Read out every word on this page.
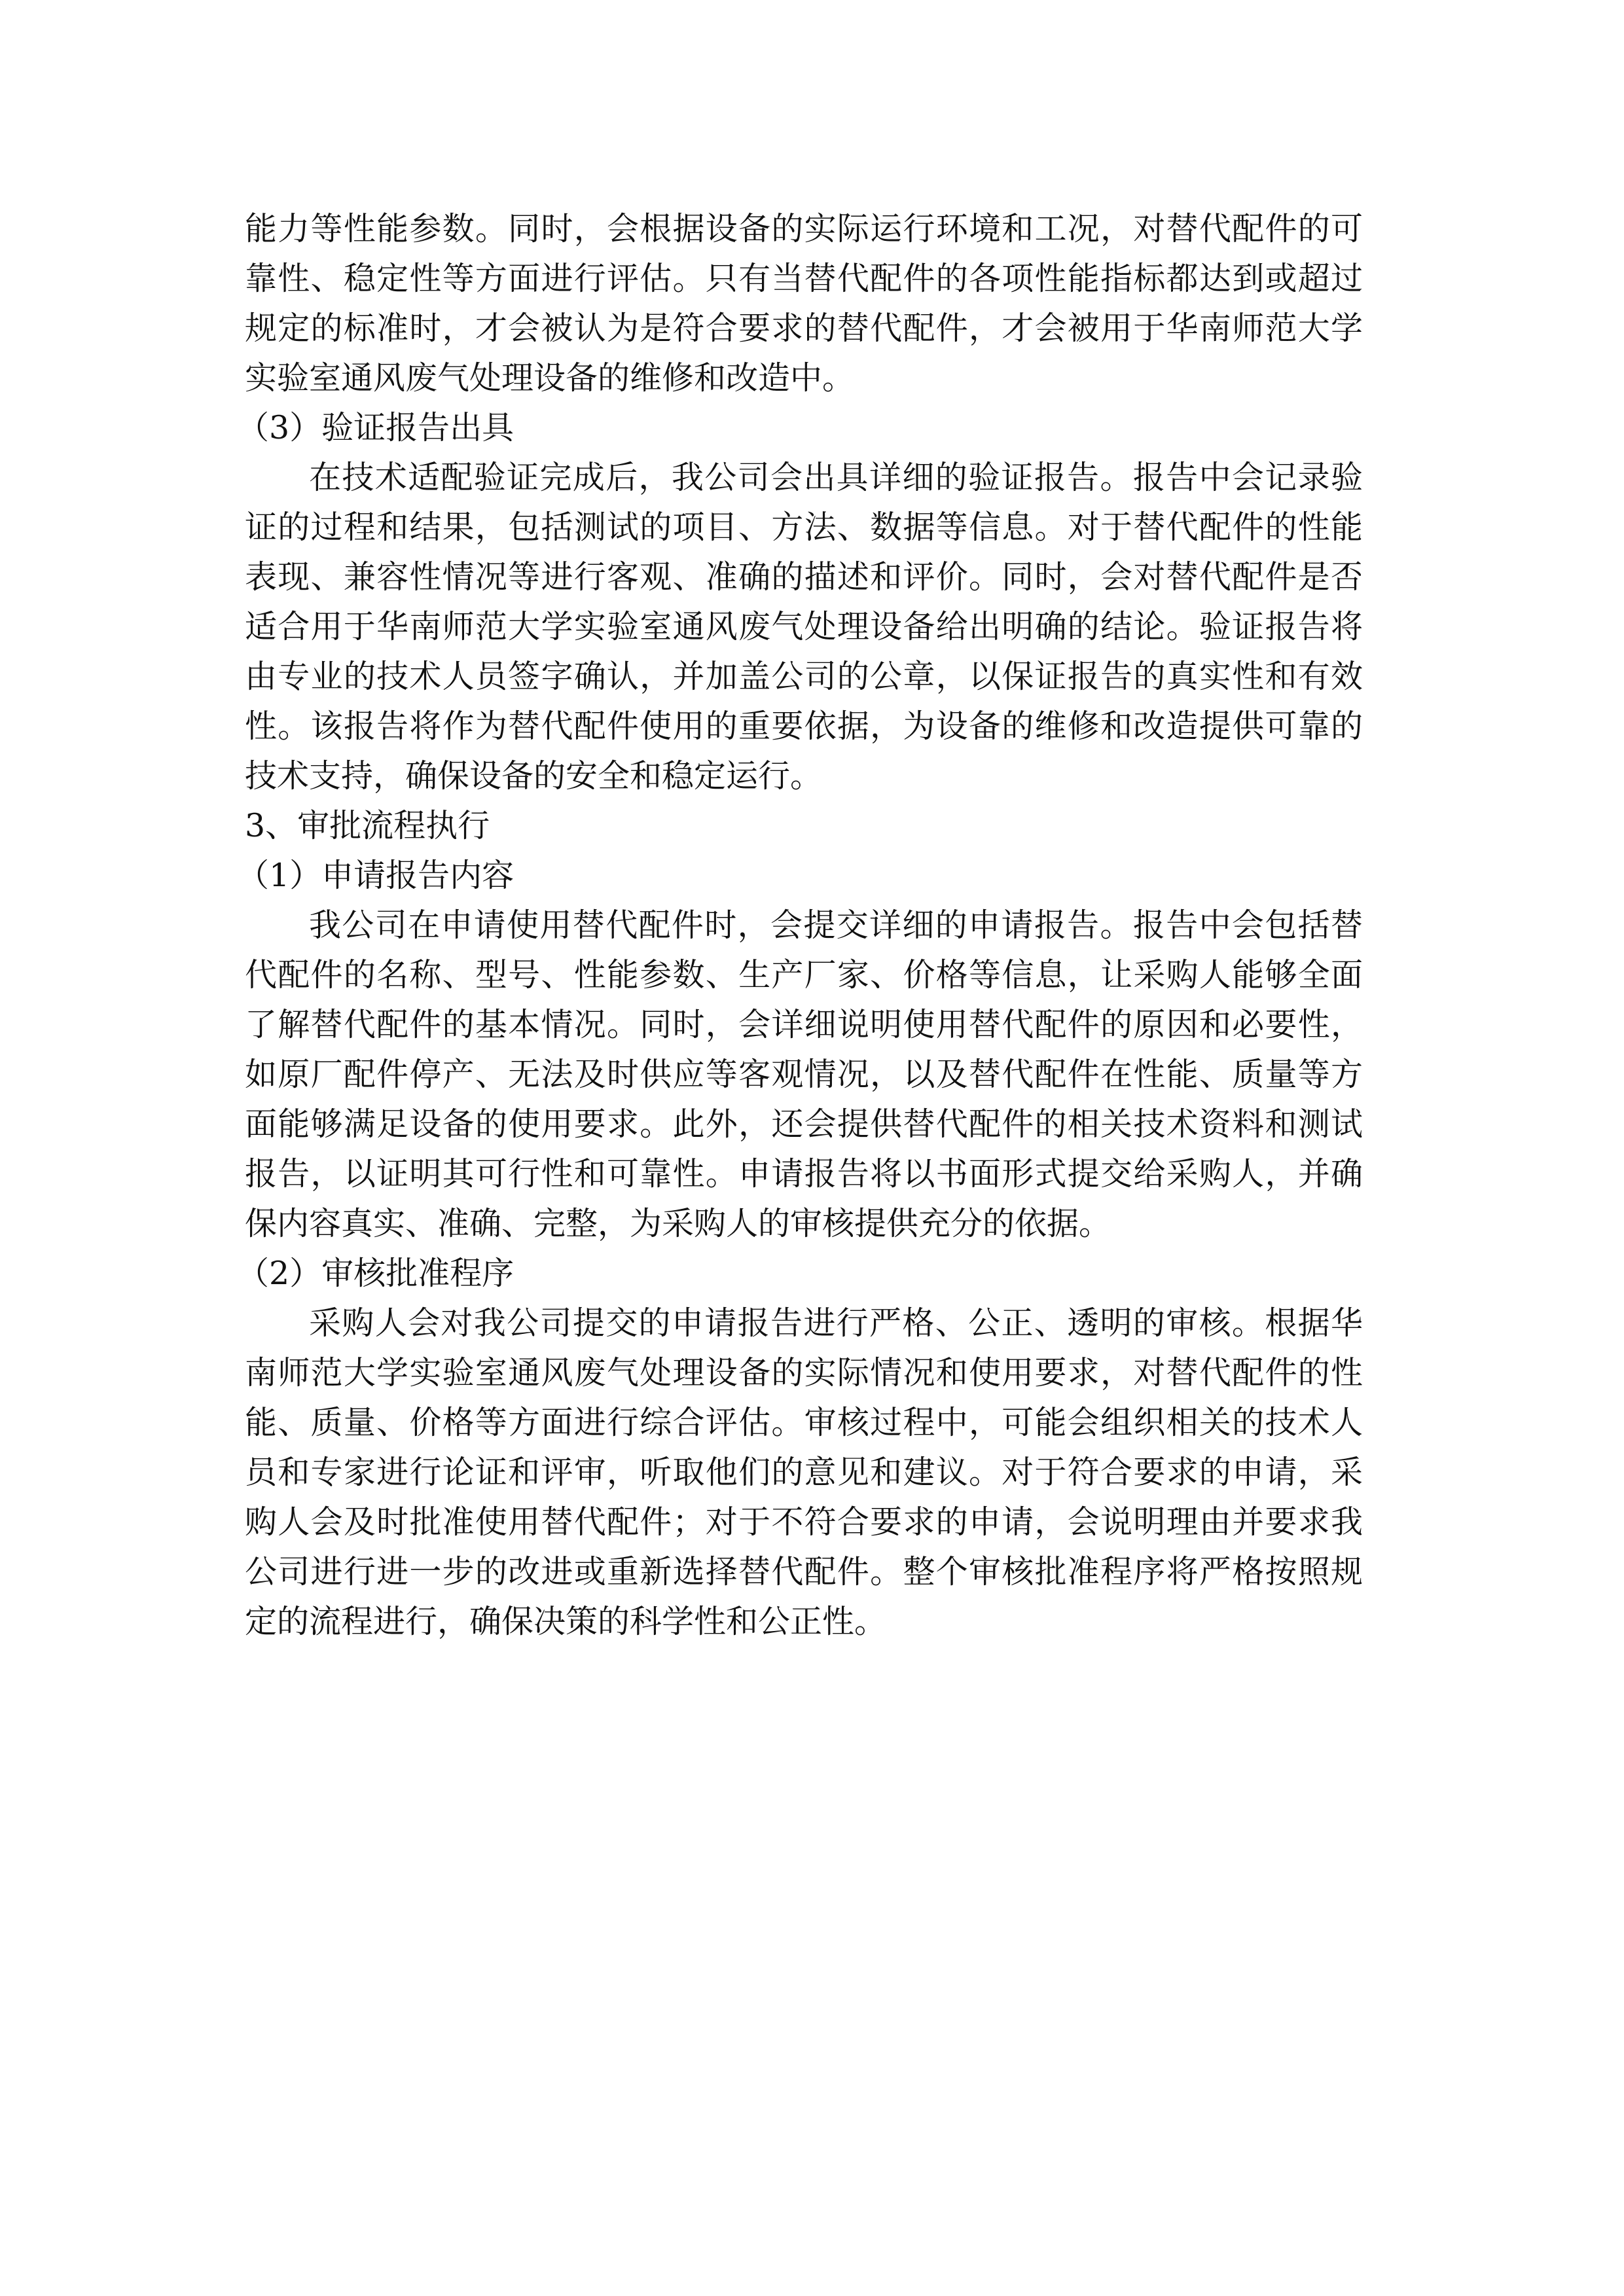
能力等性能参数。同时，会根据设备的实际运行环境和工况，对替代配件的可靠性、稳定性等方面进行评估。只有当替代配件的各项性能指标都达到或超过规定的标准时，才会被认为是符合要求的替代配件，才会被用于华南师范大学实验室通风废气处理设备的维修和改造中。

（3）验证报告出具

在技术适配验证完成后，我公司会出具详细的验证报告。报告中会记录验证的过程和结果，包括测试的项目、方法、数据等信息。对于替代配件的性能表现、兼容性情况等进行客观、准确的描述和评价。同时，会对替代配件是否适合用于华南师范大学实验室通风废气处理设备给出明确的结论。验证报告将由专业的技术人员签字确认，并加盖公司的公章，以保证报告的真实性和有效性。该报告将作为替代配件使用的重要依据，为设备的维修和改造提供可靠的技术支持，确保设备的安全和稳定运行。

3、审批流程执行

（1）申请报告内容

我公司在申请使用替代配件时，会提交详细的申请报告。报告中会包括替代配件的名称、型号、性能参数、生产厂家、价格等信息，让采购人能够全面了解替代配件的基本情况。同时，会详细说明使用替代配件的原因和必要性，如原厂配件停产、无法及时供应等客观情况，以及替代配件在性能、质量等方面能够满足设备的使用要求。此外，还会提供替代配件的相关技术资料和测试报告，以证明其可行性和可靠性。申请报告将以书面形式提交给采购人，并确保内容真实、准确、完整，为采购人的审核提供充分的依据。

（2）审核批准程序

采购人会对我公司提交的申请报告进行严格、公正、透明的审核。根据华南师范大学实验室通风废气处理设备的实际情况和使用要求，对替代配件的性能、质量、价格等方面进行综合评估。审核过程中，可能会组织相关的技术人员和专家进行论证和评审，听取他们的意见和建议。对于符合要求的申请，采购人会及时批准使用替代配件；对于不符合要求的申请，会说明理由并要求我公司进行进一步的改进或重新选择替代配件。整个审核批准程序将严格按照规定的流程进行，确保决策的科学性和公正性。
